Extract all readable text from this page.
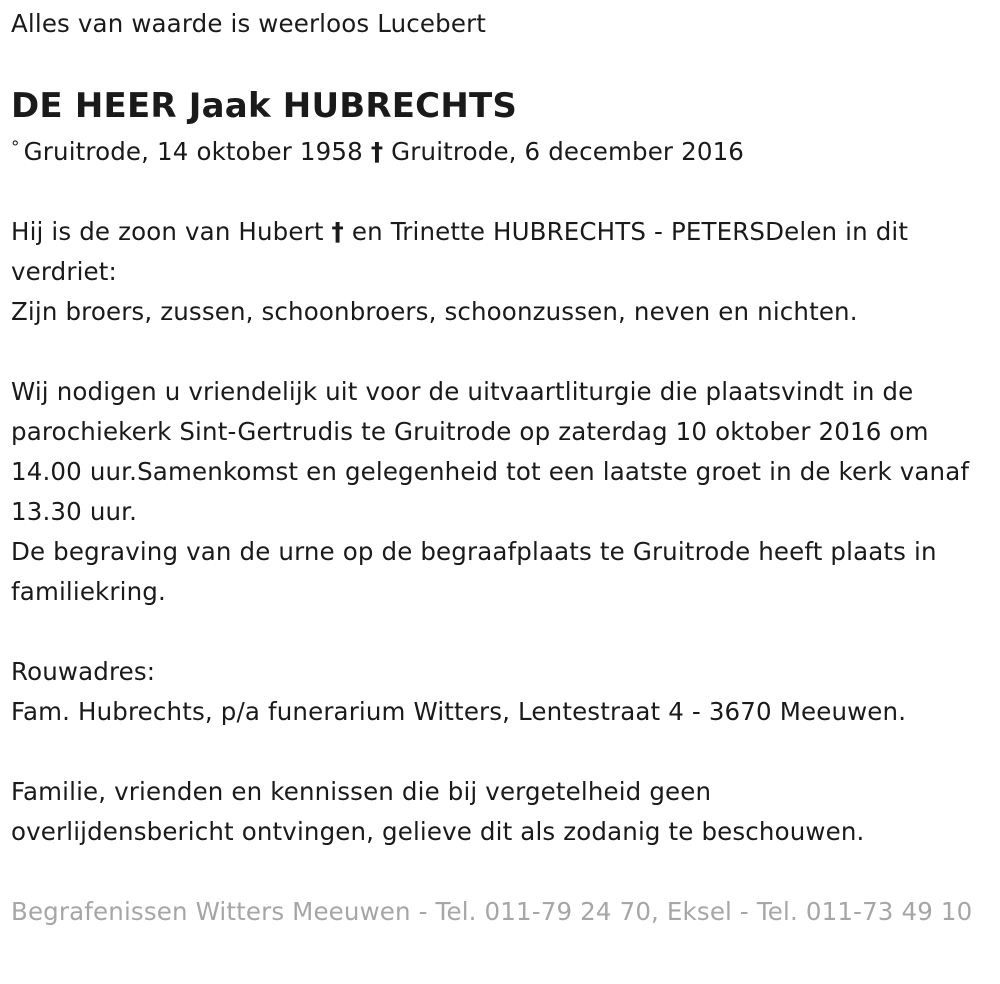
Alles van waarde is weerloos Lucebert
DE HEER Jaak HUBRECHTS
° Gruitrode, 14 oktober 1958 † Gruitrode, 6 december 2016
Hij is de zoon van Hubert † en Trinette HUBRECHTS - PETERSDelen in dit verdriet:
Zijn broers, zussen, schoonbroers, schoonzussen, neven en nichten.
Wij nodigen u vriendelijk uit voor de uitvaartliturgie die plaatsvindt in de parochiekerk Sint-Gertrudis te Gruitrode op zaterdag 10 oktober 2016 om 14.00 uur.Samenkomst en gelegenheid tot een laatste groet in de kerk vanaf 13.30 uur.
De begraving van de urne op de begraafplaats te Gruitrode heeft plaats in familiekring.
Rouwadres:
Fam. Hubrechts, p/a funerarium Witters, Lentestraat 4 - 3670 Meeuwen.
Familie, vrienden en kennissen die bij vergetelheid geen overlijdensbericht ontvingen, gelieve dit als zodanig te beschouwen.
Begrafenissen Witters Meeuwen - Tel. 011-79 24 70, Eksel - Tel. 011-73 49 10
